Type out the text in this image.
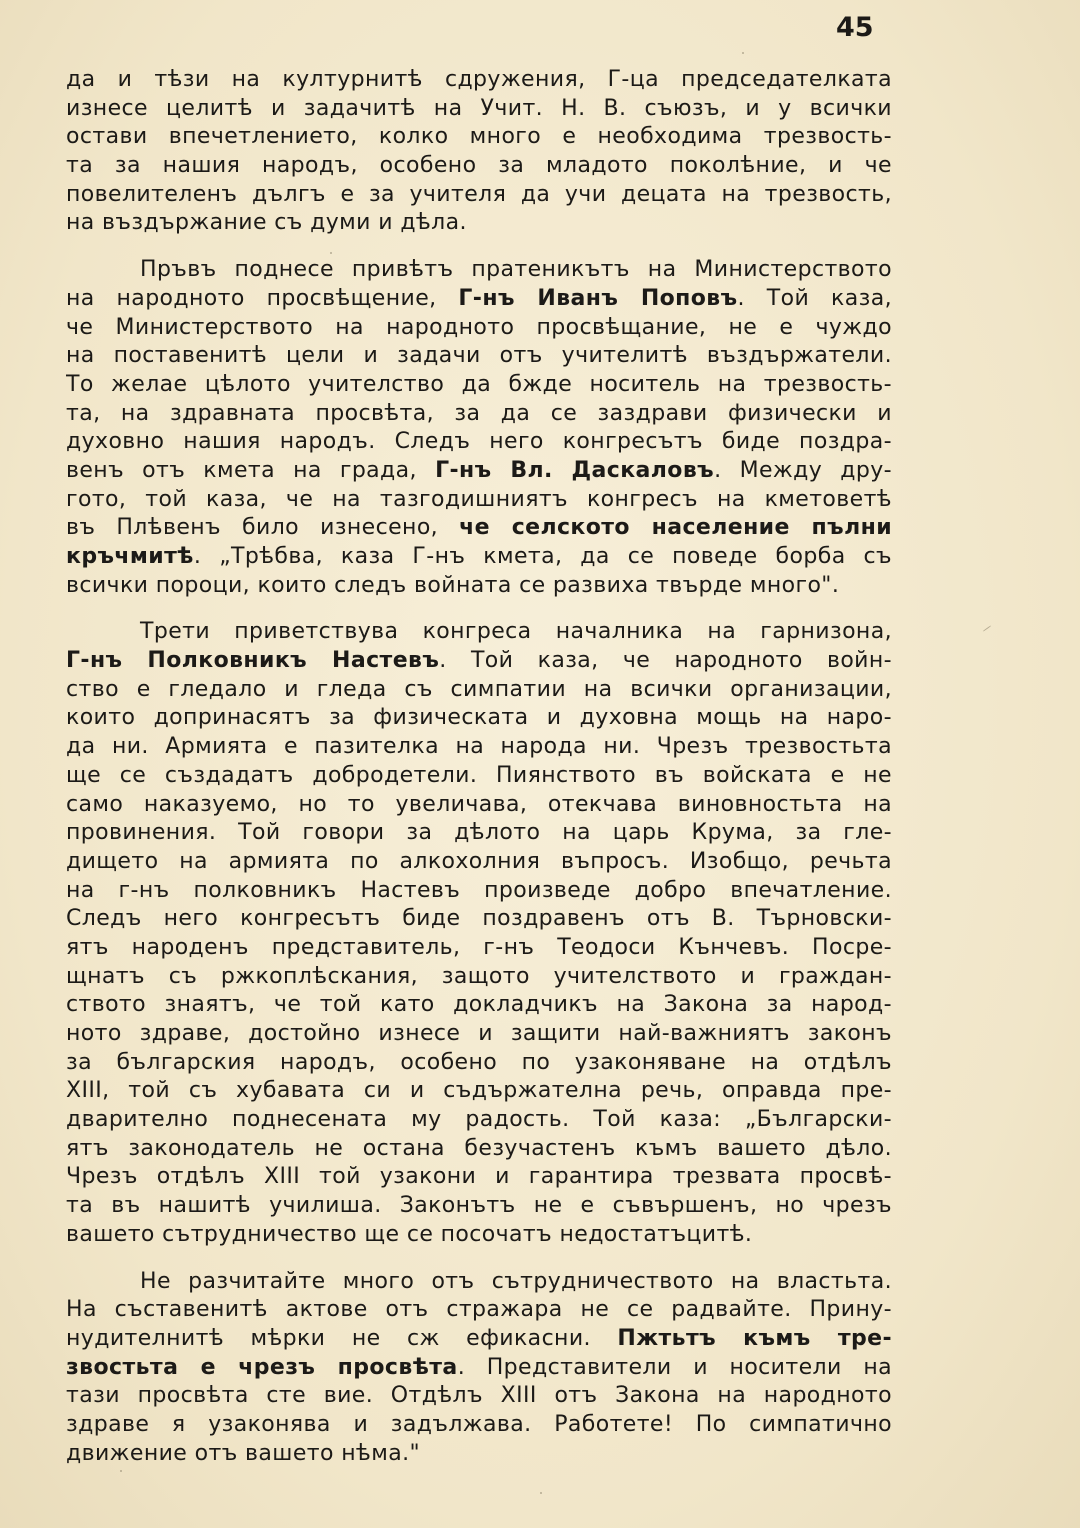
45
да и тѣзи на културнитѣ сдружения, Г-ца председателката
изнесе целитѣ и задачитѣ на Учит. Н. В. съюзъ, и у всички
остави впечетлението, колко много е необходима трезвость-
та за нашия народъ, особено за младото поколѣние, и че
повелителенъ дългъ е за учителя да учи децата на трезвость,
на въздържание съ думи и дѣла.
Пръвъ поднесе привѣтъ пратеникътъ на Министерството
на народното просвѣщение, Г-нъ Иванъ Поповъ. Той каза,
че Министерството на народното просвѣщание, не е чуждо
на поставенитѣ цели и задачи отъ учителитѣ въздържатели.
То желае цѣлото учителство да бжде носитель на трезвость-
та, на здравната просвѣта, за да се заздрави физически и
духовно нашия народъ. Следъ него конгресътъ биде поздра-
венъ отъ кмета на града, Г-нъ Вл. Даскаловъ. Между дру-
гото, той каза, че на тазгодишниятъ конгресъ на кметоветѣ
въ Плѣвенъ било изнесено, че селското население пълни
кръчмитѣ. „Трѣбва, каза Г-нъ кмета, да се поведе борба съ
всички пороци, които следъ войната се развиха твърде много".
Трети приветствува конгреса началника на гарнизона,
Г-нъ Полковникъ Настевъ. Той каза, че народното войн-
ство е гледало и гледа съ симпатии на всички организации,
които допринасятъ за физическата и духовна мощь на наро-
да ни. Армията е пазителка на народа ни. Чрезъ трезвостьта
ще се създадатъ добродетели. Пиянството въ войската е не
само наказуемо, но то увеличава, отекчава виновностьта на
провинения. Той говори за дѣлото на царь Крума, за гле-
дището на армията по алкохолния въпросъ. Изобщо, речьта
на г-нъ полковникъ Настевъ произведе добро впечатление.
Следъ него конгресътъ биде поздравенъ отъ В. Търновски-
ятъ народенъ представитель, г-нъ Теодоси Кънчевъ. Посре-
щнатъ съ ржкоплѣскания, защото учителството и граждан-
ството знаятъ, че той като докладчикъ на Закона за народ-
ното здраве, достойно изнесе и защити най-важниятъ законъ
за българския народъ, особено по узаконяване на отдѣлъ
XIII, той съ хубавата си и съдържателна речь, оправда пре-
дварително поднесената му радость. Той каза: „Български-
ятъ законодатель не остана безучастенъ къмъ вашето дѣло.
Чрезъ отдѣлъ XIII той узакони и гарантира трезвата просвѣ-
та въ нашитѣ училиша. Законътъ не е съвършенъ, но чрезъ
вашето сътрудничество ще се посочатъ недостатъцитѣ.
Не разчитайте много отъ сътрудничеството на властьта.
На съставенитѣ актове отъ стражара не се радвайте. Прину-
нудителнитѣ мѣрки не сж ефикасни. Пжтьтъ къмъ тре-
звостьта е чрезъ просвѣта. Представители и носители на
тази просвѣта сте вие. Отдѣлъ XIII отъ Закона на народното
здраве я узаконява и задължава. Работете! По симпатично
движение отъ вашето нѣма."
